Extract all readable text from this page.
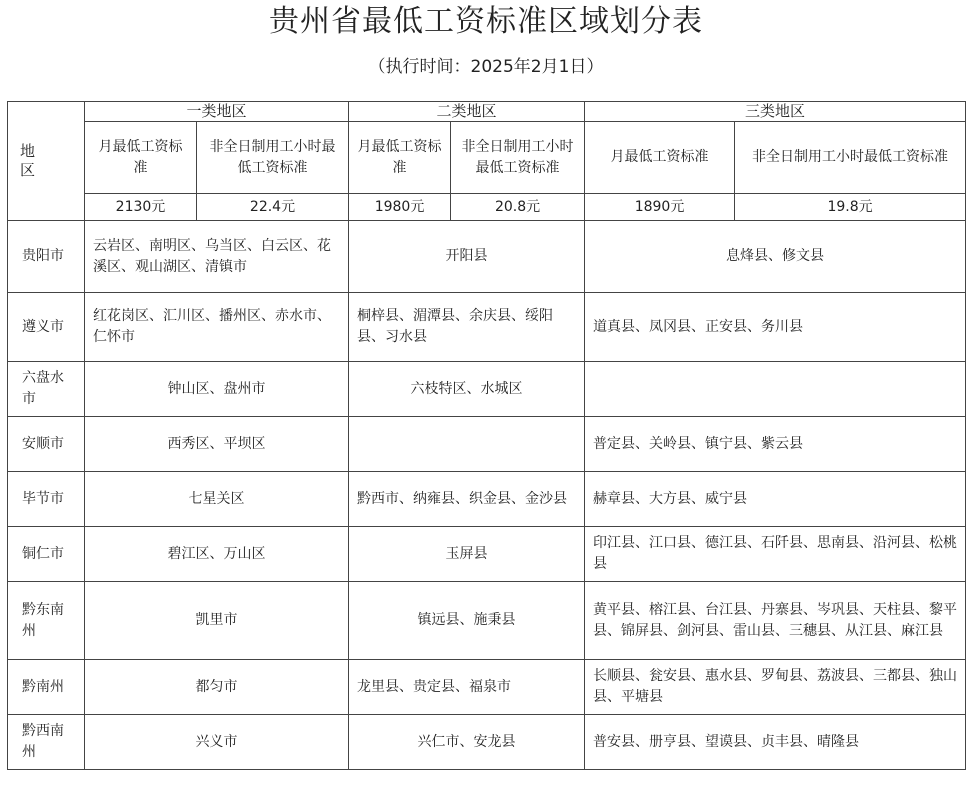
贵州省最低工资标准区域划分表
（执行时间：2025年2月1日）
地
区	一类地区		二类地区		三类地区	
	月最低工资标准	非全日制用工小时最低工资标准	月最低工资标准	非全日制用工小时最低工资标准	月最低工资标准	非全日制用工小时最低工资标准
	2130元	22.4元	1980元	20.8元	1890元	19.8元
贵阳市	云岩区、南明区、乌当区、白云区、花溪区、观山湖区、清镇市		开阳县		息烽县、修文县	
遵义市	红花岗区、汇川区、播州区、赤水市、仁怀市		桐梓县、湄潭县、余庆县、绥阳县、习水县		道真县、凤冈县、正安县、务川县	
六盘水市	钟山区、盘州市		六枝特区、水城区			
安顺市	西秀区、平坝区				普定县、关岭县、镇宁县、紫云县	
毕节市	七星关区		黔西市、纳雍县、织金县、金沙县		赫章县、大方县、威宁县	
铜仁市	碧江区、万山区		玉屏县		印江县、江口县、德江县、石阡县、思南县、沿河县、松桃县	
黔东南州	凯里市		镇远县、施秉县		黄平县、榕江县、台江县、丹寨县、岑巩县、天柱县、黎平县、锦屏县、剑河县、雷山县、三穗县、从江县、麻江县	
黔南州	都匀市		龙里县、贵定县、福泉市		长顺县、瓮安县、惠水县、罗甸县、荔波县、三都县、独山县、平塘县	
黔西南州	兴义市		兴仁市、安龙县		普安县、册亨县、望谟县、贞丰县、晴隆县	
